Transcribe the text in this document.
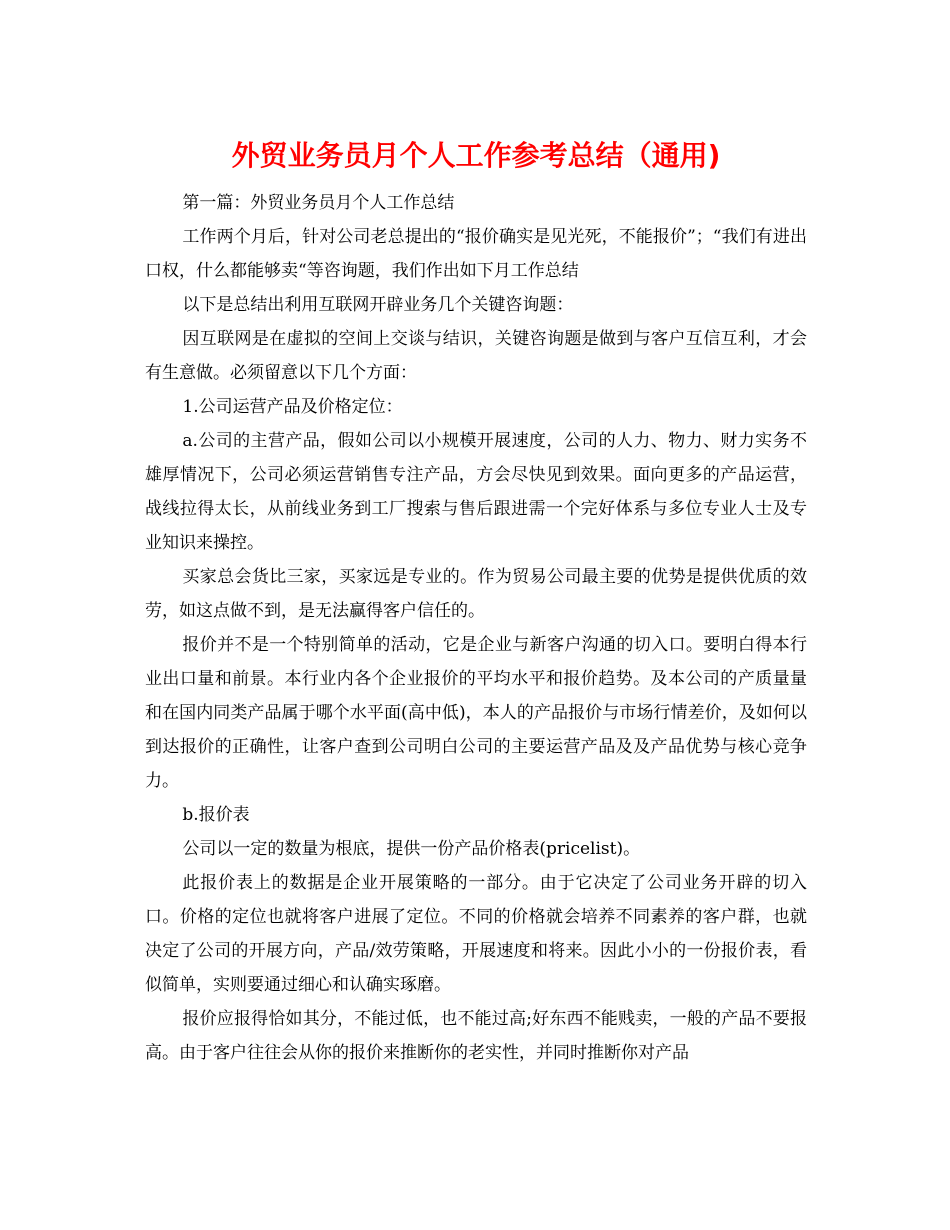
外贸业务员月个人工作参考总结（通用)

第一篇：外贸业务员月个人工作总结

工作两个月后，针对公司老总提出的“报价确实是见光死，不能报价”；“我们有进出口权，什么都能够卖“等咨询题，我们作出如下月工作总结

以下是总结出利用互联网开辟业务几个关键咨询题：

因互联网是在虚拟的空间上交谈与结识，关键咨询题是做到与客户互信互利，才会有生意做。必须留意以下几个方面：

1.公司运营产品及价格定位：

a.公司的主营产品，假如公司以小规模开展速度，公司的人力、物力、财力实务不雄厚情况下，公司必须运营销售专注产品，方会尽快见到效果。面向更多的产品运营，战线拉得太长，从前线业务到工厂搜索与售后跟进需一个完好体系与多位专业人士及专业知识来操控。

买家总会货比三家，买家远是专业的。作为贸易公司最主要的优势是提供优质的效劳，如这点做不到，是无法赢得客户信任的。

报价并不是一个特别简单的活动，它是企业与新客户沟通的切入口。要明白得本行业出口量和前景。本行业内各个企业报价的平均水平和报价趋势。及本公司的产质量量和在国内同类产品属于哪个水平面(高中低)，本人的产品报价与市场行情差价，及如何以到达报价的正确性，让客户查到公司明白公司的主要运营产品及及产品优势与核心竞争力。

b.报价表

公司以一定的数量为根底，提供一份产品价格表(pricelist)。

此报价表上的数据是企业开展策略的一部分。由于它决定了公司业务开辟的切入口。价格的定位也就将客户进展了定位。不同的价格就会培养不同素养的客户群，也就决定了公司的开展方向，产品/效劳策略，开展速度和将来。因此小小的一份报价表，看似简单，实则要通过细心和认确实琢磨。

报价应报得恰如其分，不能过低，也不能过高;好东西不能贱卖，一般的产品不要报高。由于客户往往会从你的报价来推断你的老实性，并同时推断你对产品
